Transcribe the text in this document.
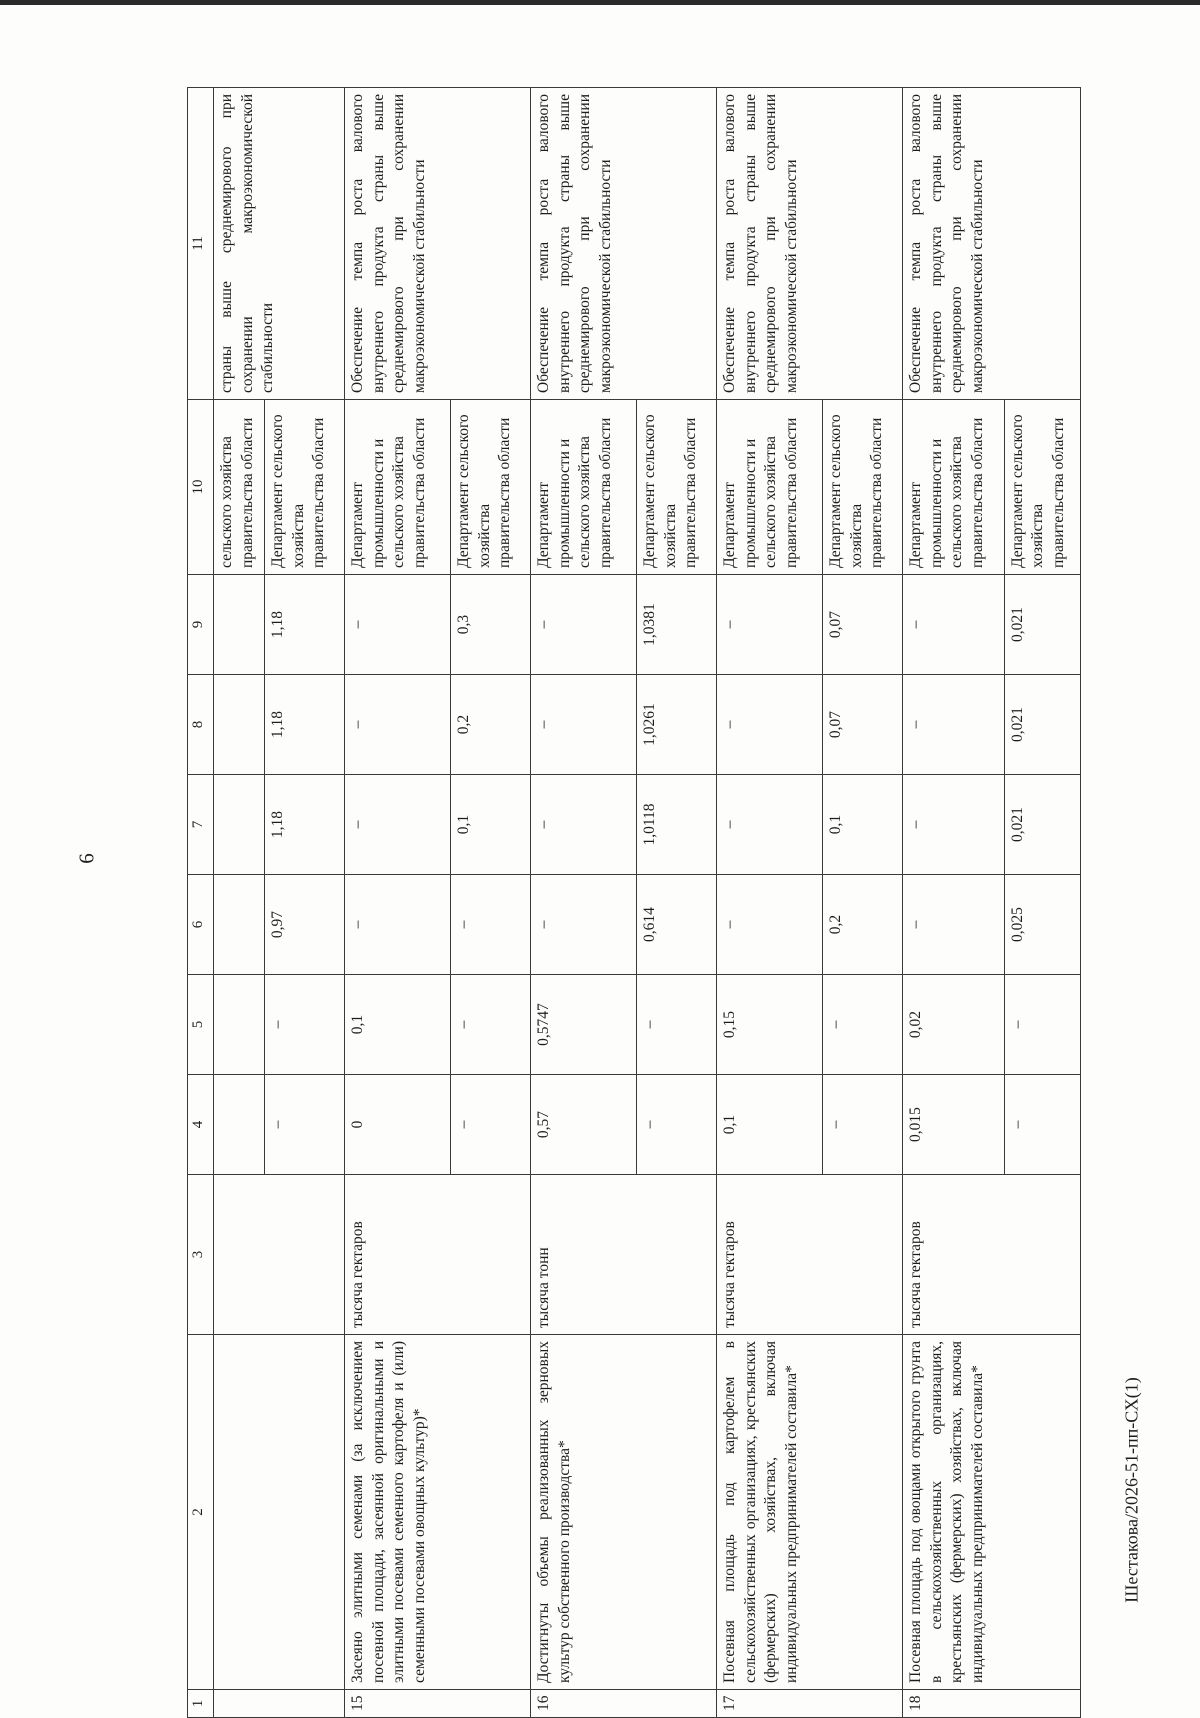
6
1	2	3	4	5	6	7	8	9	10	11
									сельского хозяйства правительства области	страны выше среднемирового при сохранении макроэкономической стабильности
			–	–	0,97	1,18	1,18	1,18	Департамент сельского хозяйства правительства области	
15	Засеяно элитными семенами (за исключением посевной площади, засеянной оригинальными и элитными посевами семенного картофеля и (или) семенными посевами овощных культур)*	тысяча гектаров	0	0,1	–	–	–	–	Департамент промышленности и сельского хозяйства правительства области	Обеспечение темпа роста валового внутреннего продукта страны выше среднемирового при сохранении макроэкономической стабильности
			–	–	–	0,1	0,2	0,3	Департамент сельского хозяйства правительства области	
16	Достигнуты объемы реализованных зерновых культур собственного производства*	тысяча тонн	0,57	0,5747	–	–	–	–	Департамент промышленности и сельского хозяйства правительства области	Обеспечение темпа роста валового внутреннего продукта страны выше среднемирового при сохранении макроэкономической стабильности
			–	–	0,614	1,0118	1,0261	1,0381	Департамент сельского хозяйства правительства области	
17	Посевная площадь под картофелем в сельскохозяйственных организациях, крестьянских (фермерских) хозяйствах, включая индивидуальных предпринимателей составила*	тысяча гектаров	0,1	0,15	–	–	–	–	Департамент промышленности и сельского хозяйства правительства области	Обеспечение темпа роста валового внутреннего продукта страны выше среднемирового при сохранении макроэкономической стабильности
			–	–	0,2	0,1	0,07	0,07	Департамент сельского хозяйства правительства области	
18	Посевная площадь под овощами открытого грунта в сельскохозяйственных организациях, крестьянских (фермерских) хозяйствах, включая индивидуальных предпринимателей составила*	тысяча гектаров	0,015	0,02	–	–	–	–	Департамент промышленности и сельского хозяйства правительства области	Обеспечение темпа роста валового внутреннего продукта страны выше среднемирового при сохранении макроэкономической стабильности
			–	–	0,025	0,021	0,021	0,021	Департамент сельского хозяйства правительства области	
Шестакова/2026-51-пп-СХ(1)
